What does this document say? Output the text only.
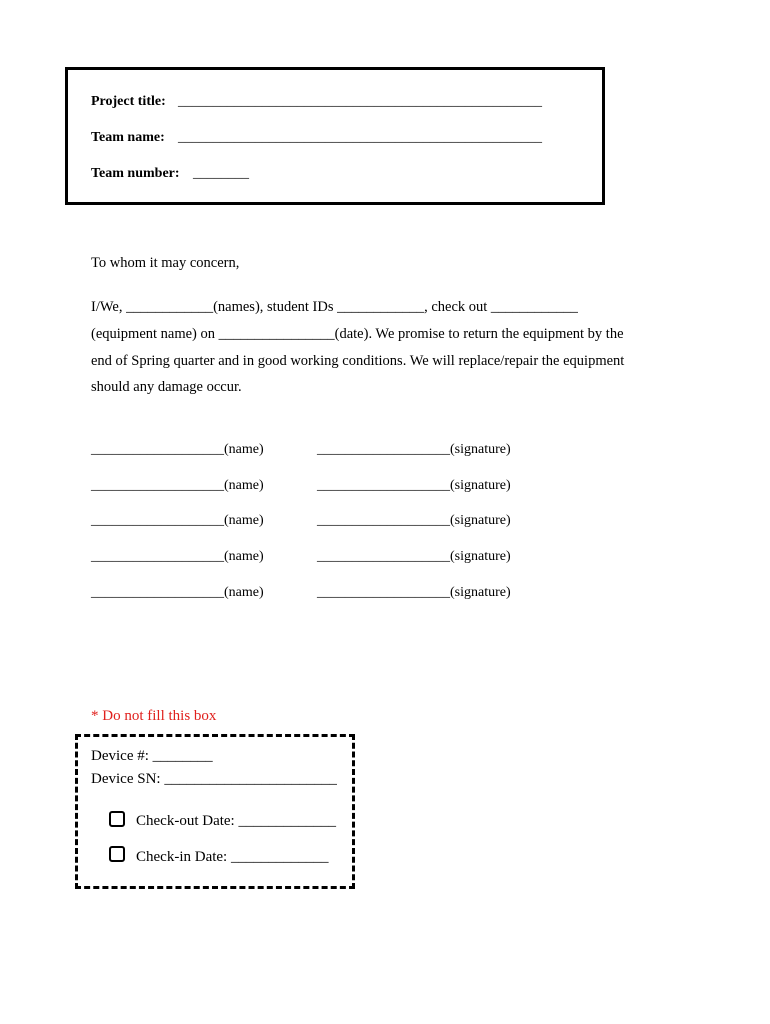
Project title: ____________________________________________________
Team name: ____________________________________________________
Team number: ________
To whom it may concern,
I/We, ____________(names), student IDs ____________, check out ____________
(equipment name) on ________________(date). We promise to return the equipment by the
end of Spring quarter and in good working conditions. We will replace/repair the equipment
should any damage occur.
___________________(name)	___________________(signature)
___________________(name)	___________________(signature)
___________________(name)	___________________(signature)
___________________(name)	___________________(signature)
___________________(name)	___________________(signature)
* Do not fill this box
Device #: ________
Device SN: _______________________
Check-out Date: _____________
Check-in Date: _____________
